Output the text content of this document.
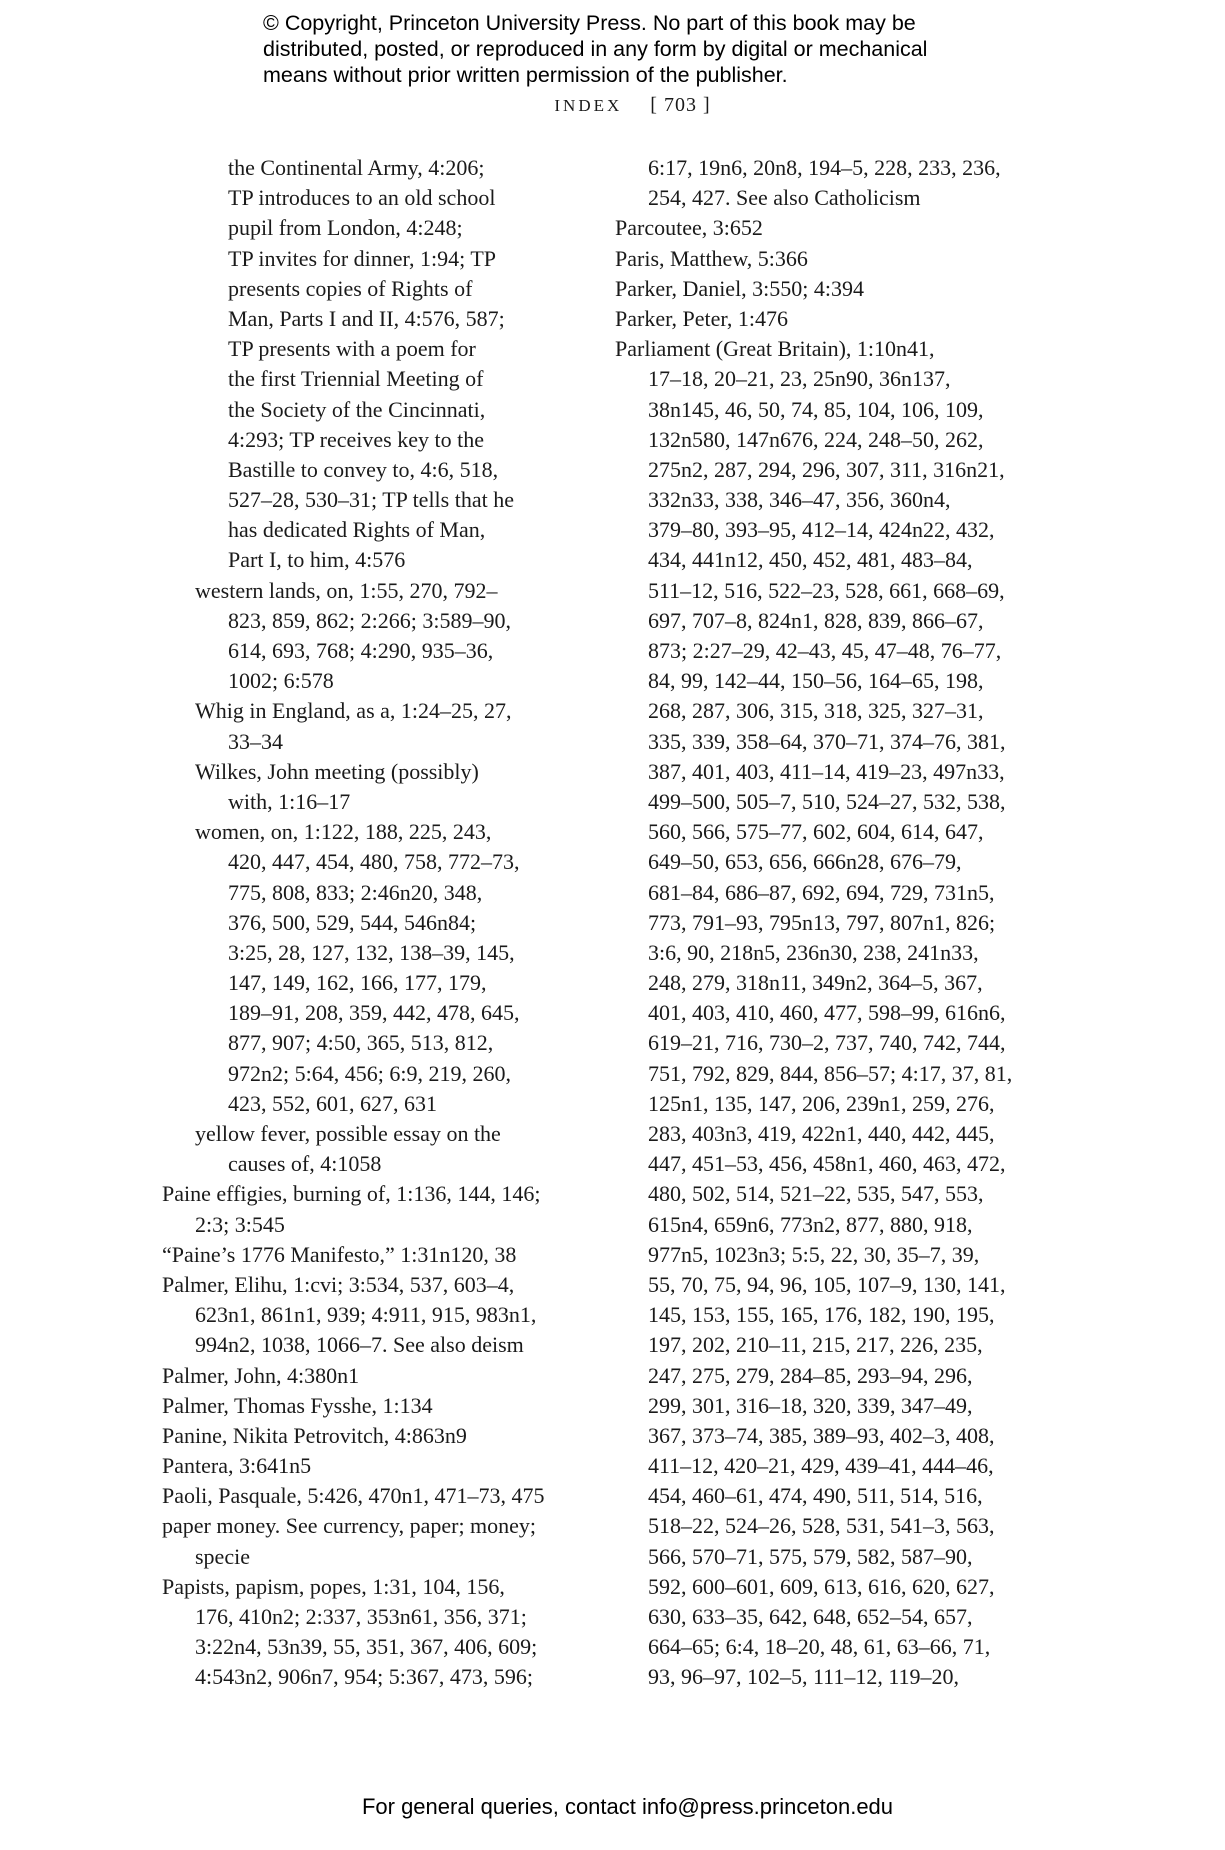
© Copyright, Princeton University Press. No part of this book may be
distributed, posted, or reproduced in any form by digital or mechanical
means without prior written permission of the publisher.
INDEX [ 703 ]
the Continental Army, 4:206;
TP introduces to an old school
pupil from London, 4:248;
TP invites for dinner, 1:94; TP
presents copies of Rights of
Man, Parts I and II, 4:576, 587;
TP presents with a poem for
the first Triennial Meeting of
the Society of the Cincinnati,
4:293; TP receives key to the
Bastille to convey to, 4:6, 518,
527–28, 530–31; TP tells that he
has dedicated Rights of Man,
Part I, to him, 4:576
western lands, on, 1:55, 270, 792–
823, 859, 862; 2:266; 3:589–90,
614, 693, 768; 4:290, 935–36,
1002; 6:578
Whig in England, as a, 1:24–25, 27,
33–34
Wilkes, John meeting (possibly)
with, 1:16–17
women, on, 1:122, 188, 225, 243,
420, 447, 454, 480, 758, 772–73,
775, 808, 833; 2:46n20, 348,
376, 500, 529, 544, 546n84;
3:25, 28, 127, 132, 138–39, 145,
147, 149, 162, 166, 177, 179,
189–91, 208, 359, 442, 478, 645,
877, 907; 4:50, 365, 513, 812,
972n2; 5:64, 456; 6:9, 219, 260,
423, 552, 601, 627, 631
yellow fever, possible essay on the
causes of, 4:1058
Paine effigies, burning of, 1:136, 144, 146;
2:3; 3:545
“Paine’s 1776 Manifesto,” 1:31n120, 38
Palmer, Elihu, 1:cvi; 3:534, 537, 603–4,
623n1, 861n1, 939; 4:911, 915, 983n1,
994n2, 1038, 1066–7. See also deism
Palmer, John, 4:380n1
Palmer, Thomas Fysshe, 1:134
Panine, Nikita Petrovitch, 4:863n9
Pantera, 3:641n5
Paoli, Pasquale, 5:426, 470n1, 471–73, 475
paper money. See currency, paper; money;
specie
Papists, papism, popes, 1:31, 104, 156,
176, 410n2; 2:337, 353n61, 356, 371;
3:22n4, 53n39, 55, 351, 367, 406, 609;
4:543n2, 906n7, 954; 5:367, 473, 596;
6:17, 19n6, 20n8, 194–5, 228, 233, 236,
254, 427. See also Catholicism
Parcoutee, 3:652
Paris, Matthew, 5:366
Parker, Daniel, 3:550; 4:394
Parker, Peter, 1:476
Parliament (Great Britain), 1:10n41,
17–18, 20–21, 23, 25n90, 36n137,
38n145, 46, 50, 74, 85, 104, 106, 109,
132n580, 147n676, 224, 248–50, 262,
275n2, 287, 294, 296, 307, 311, 316n21,
332n33, 338, 346–47, 356, 360n4,
379–80, 393–95, 412–14, 424n22, 432,
434, 441n12, 450, 452, 481, 483–84,
511–12, 516, 522–23, 528, 661, 668–69,
697, 707–8, 824n1, 828, 839, 866–67,
873; 2:27–29, 42–43, 45, 47–48, 76–77,
84, 99, 142–44, 150–56, 164–65, 198,
268, 287, 306, 315, 318, 325, 327–31,
335, 339, 358–64, 370–71, 374–76, 381,
387, 401, 403, 411–14, 419–23, 497n33,
499–500, 505–7, 510, 524–27, 532, 538,
560, 566, 575–77, 602, 604, 614, 647,
649–50, 653, 656, 666n28, 676–79,
681–84, 686–87, 692, 694, 729, 731n5,
773, 791–93, 795n13, 797, 807n1, 826;
3:6, 90, 218n5, 236n30, 238, 241n33,
248, 279, 318n11, 349n2, 364–5, 367,
401, 403, 410, 460, 477, 598–99, 616n6,
619–21, 716, 730–2, 737, 740, 742, 744,
751, 792, 829, 844, 856–57; 4:17, 37, 81,
125n1, 135, 147, 206, 239n1, 259, 276,
283, 403n3, 419, 422n1, 440, 442, 445,
447, 451–53, 456, 458n1, 460, 463, 472,
480, 502, 514, 521–22, 535, 547, 553,
615n4, 659n6, 773n2, 877, 880, 918,
977n5, 1023n3; 5:5, 22, 30, 35–7, 39,
55, 70, 75, 94, 96, 105, 107–9, 130, 141,
145, 153, 155, 165, 176, 182, 190, 195,
197, 202, 210–11, 215, 217, 226, 235,
247, 275, 279, 284–85, 293–94, 296,
299, 301, 316–18, 320, 339, 347–49,
367, 373–74, 385, 389–93, 402–3, 408,
411–12, 420–21, 429, 439–41, 444–46,
454, 460–61, 474, 490, 511, 514, 516,
518–22, 524–26, 528, 531, 541–3, 563,
566, 570–71, 575, 579, 582, 587–90,
592, 600–601, 609, 613, 616, 620, 627,
630, 633–35, 642, 648, 652–54, 657,
664–65; 6:4, 18–20, 48, 61, 63–66, 71,
93, 96–97, 102–5, 111–12, 119–20,
For general queries, contact info@press.princeton.edu
